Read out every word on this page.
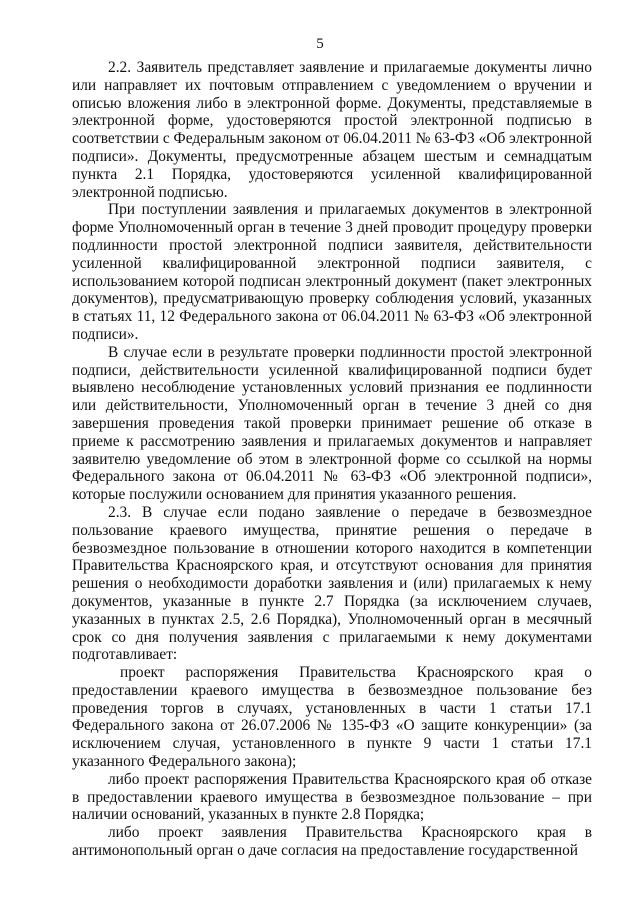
5

2.2. Заявитель представляет заявление и прилагаемые документы лично или направляет их почтовым отправлением с уведомлением о вручении и описью вложения либо в электронной форме. Документы, представляемые в электронной форме, удостоверяются простой электронной подписью в соответствии с Федеральным законом от 06.04.2011 № 63-ФЗ «Об электронной подписи». Документы, предусмотренные абзацем шестым и семнадцатым пункта 2.1 Порядка, удостоверяются усиленной квалифицированной электронной подписью.

При поступлении заявления и прилагаемых документов в электронной форме Уполномоченный орган в течение 3 дней проводит процедуру проверки подлинности простой электронной подписи заявителя, действительности усиленной квалифицированной электронной подписи заявителя, с использованием которой подписан электронный документ (пакет электронных документов), предусматривающую проверку соблюдения условий, указанных в статьях 11, 12 Федерального закона от 06.04.2011 № 63-ФЗ «Об электронной подписи».

В случае если в результате проверки подлинности простой электронной подписи, действительности усиленной квалифицированной подписи будет выявлено несоблюдение установленных условий признания ее подлинности или действительности, Уполномоченный орган в течение 3 дней со дня завершения проведения такой проверки принимает решение об отказе в приеме к рассмотрению заявления и прилагаемых документов и направляет заявителю уведомление об этом в электронной форме со ссылкой на нормы Федерального закона от 06.04.2011 № 63-ФЗ «Об электронной подписи», которые послужили основанием для принятия указанного решения.

2.3. В случае если подано заявление о передаче в безвозмездное пользование краевого имущества, принятие решения о передаче в безвозмездное пользование в отношении которого находится в компетенции Правительства Красноярского края, и отсутствуют основания для принятия решения о необходимости доработки заявления и (или) прилагаемых к нему документов, указанные в пункте 2.7 Порядка (за исключением случаев, указанных в пунктах 2.5, 2.6 Порядка), Уполномоченный орган в месячный срок со дня получения заявления с прилагаемыми к нему документами подготавливает:

проект распоряжения Правительства Красноярского края о предоставлении краевого имущества в безвозмездное пользование без проведения торгов в случаях, установленных в части 1 статьи 17.1 Федерального закона от 26.07.2006 № 135-ФЗ «О защите конкуренции» (за исключением случая, установленного в пункте 9 части 1 статьи 17.1 указанного Федерального закона);

либо проект распоряжения Правительства Красноярского края об отказе в предоставлении краевого имущества в безвозмездное пользование – при наличии оснований, указанных в пункте 2.8 Порядка;

либо проект заявления Правительства Красноярского края в антимонопольный орган о даче согласия на предоставление государственной
